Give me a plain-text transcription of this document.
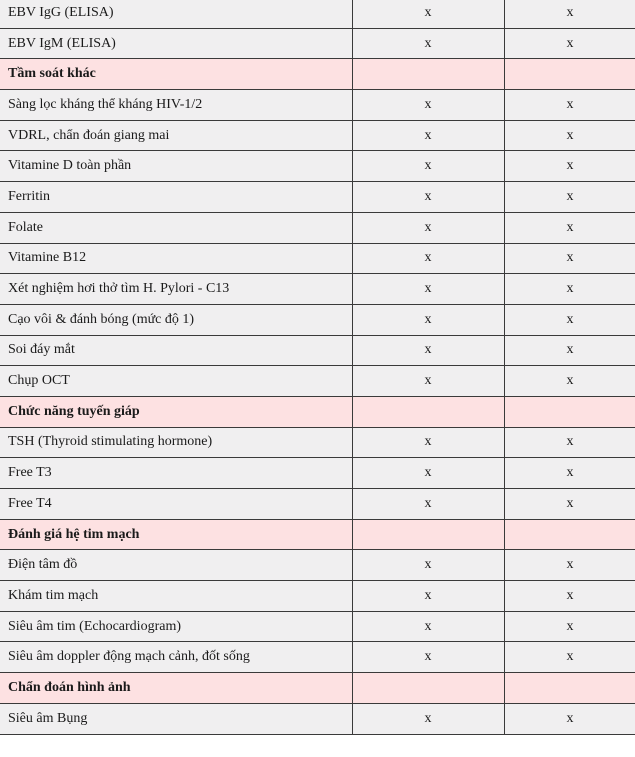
EBV IgG (ELISA)	x	x
EBV IgM (ELISA)	x	x
Tầm soát khác		
Sàng lọc kháng thể kháng HIV-1/2	x	x
VDRL, chẩn đoán giang mai	x	x
Vitamine D toàn phần	x	x
Ferritin	x	x
Folate	x	x
Vitamine B12	x	x
Xét nghiệm hơi thở tìm H. Pylori - C13	x	x
Cạo vôi & đánh bóng (mức độ 1)	x	x
Soi đáy mắt	x	x
Chụp OCT	x	x
Chức năng tuyến giáp		
TSH (Thyroid stimulating hormone)	x	x
Free T3	x	x
Free T4	x	x
Đánh giá hệ tim mạch		
Điện tâm đồ	x	x
Khám tim mạch	x	x
Siêu âm tim (Echocardiogram)	x	x
Siêu âm doppler động mạch cảnh, đốt sống	x	x
Chẩn đoán hình ảnh		
Siêu âm Bụng	x	x
